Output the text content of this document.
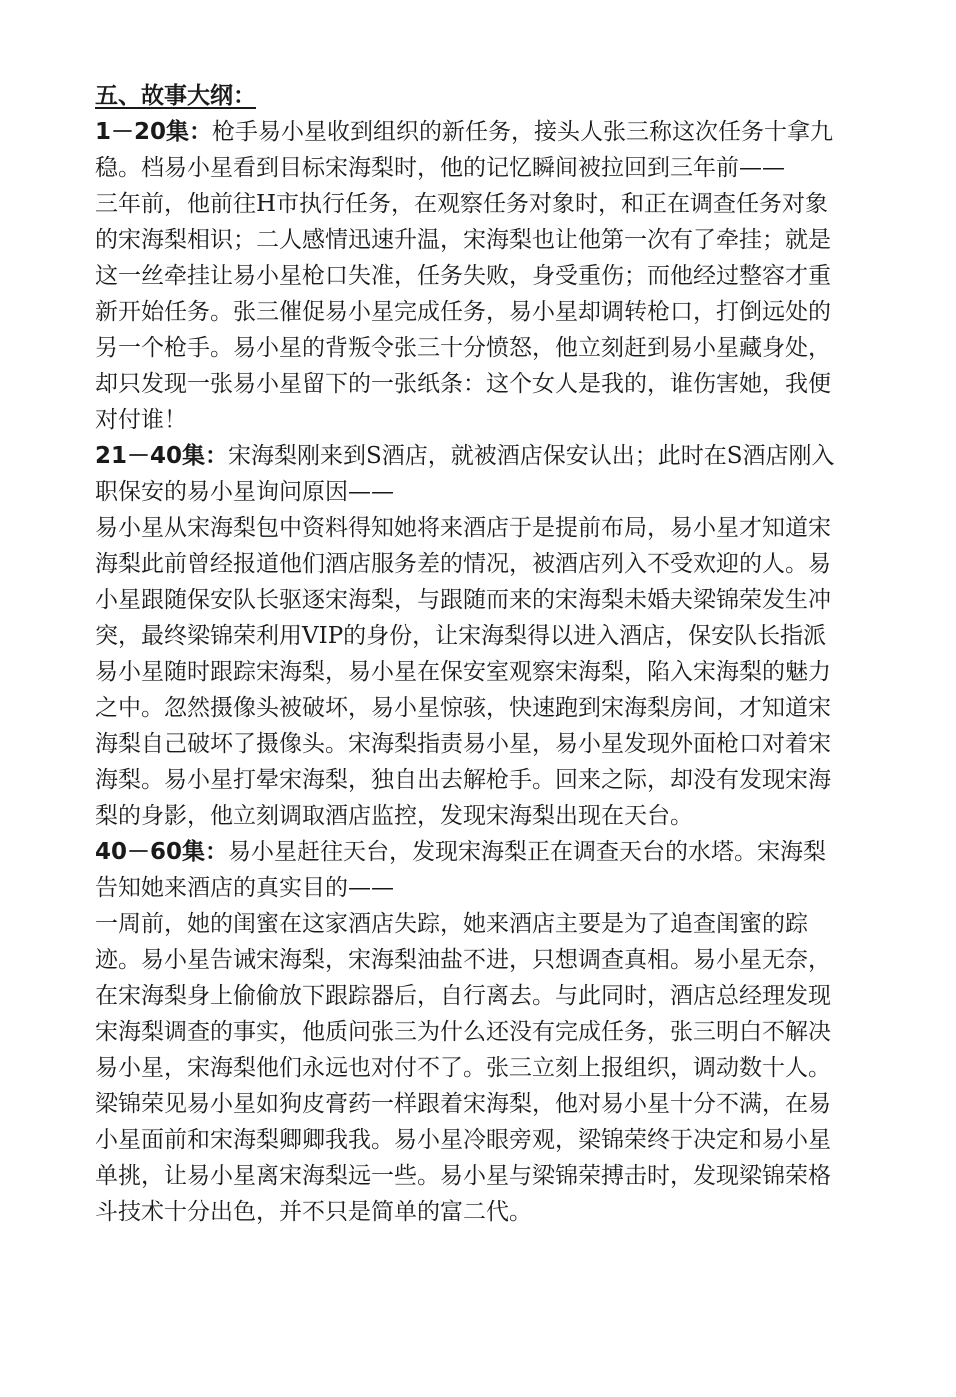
五、故事大纲：

1－20集：枪手易小星收到组织的新任务，接头人张三称这次任务十拿九稳。档易小星看到目标宋海梨时，他的记忆瞬间被拉回到三年前——

三年前，他前往H市执行任务，在观察任务对象时，和正在调查任务对象的宋海梨相识；二人感情迅速升温，宋海梨也让他第一次有了牵挂；就是这一丝牵挂让易小星枪口失准，任务失败，身受重伤；而他经过整容才重新开始任务。张三催促易小星完成任务，易小星却调转枪口，打倒远处的另一个枪手。易小星的背叛令张三十分愤怒，他立刻赶到易小星藏身处，却只发现一张易小星留下的一张纸条：这个女人是我的，谁伤害她，我便对付谁！

21－40集：宋海梨刚来到S酒店，就被酒店保安认出；此时在S酒店刚入职保安的易小星询问原因——

易小星从宋海梨包中资料得知她将来酒店于是提前布局，易小星才知道宋海梨此前曾经报道他们酒店服务差的情况，被酒店列入不受欢迎的人。易小星跟随保安队长驱逐宋海梨，与跟随而来的宋海梨未婚夫梁锦荣发生冲突，最终梁锦荣利用VIP的身份，让宋海梨得以进入酒店，保安队长指派易小星随时跟踪宋海梨，易小星在保安室观察宋海梨，陷入宋海梨的魅力之中。忽然摄像头被破坏，易小星惊骇，快速跑到宋海梨房间，才知道宋海梨自己破坏了摄像头。宋海梨指责易小星，易小星发现外面枪口对着宋海梨。易小星打晕宋海梨，独自出去解枪手。回来之际，却没有发现宋海梨的身影，他立刻调取酒店监控，发现宋海梨出现在天台。

40－60集：易小星赶往天台，发现宋海梨正在调查天台的水塔。宋海梨告知她来酒店的真实目的——

一周前，她的闺蜜在这家酒店失踪，她来酒店主要是为了追查闺蜜的踪迹。易小星告诫宋海梨，宋海梨油盐不进，只想调查真相。易小星无奈，在宋海梨身上偷偷放下跟踪器后，自行离去。与此同时，酒店总经理发现宋海梨调查的事实，他质问张三为什么还没有完成任务，张三明白不解决易小星，宋海梨他们永远也对付不了。张三立刻上报组织，调动数十人。梁锦荣见易小星如狗皮膏药一样跟着宋海梨，他对易小星十分不满，在易小星面前和宋海梨卿卿我我。易小星冷眼旁观，梁锦荣终于决定和易小星单挑，让易小星离宋海梨远一些。易小星与梁锦荣搏击时，发现梁锦荣格斗技术十分出色，并不只是简单的富二代。
